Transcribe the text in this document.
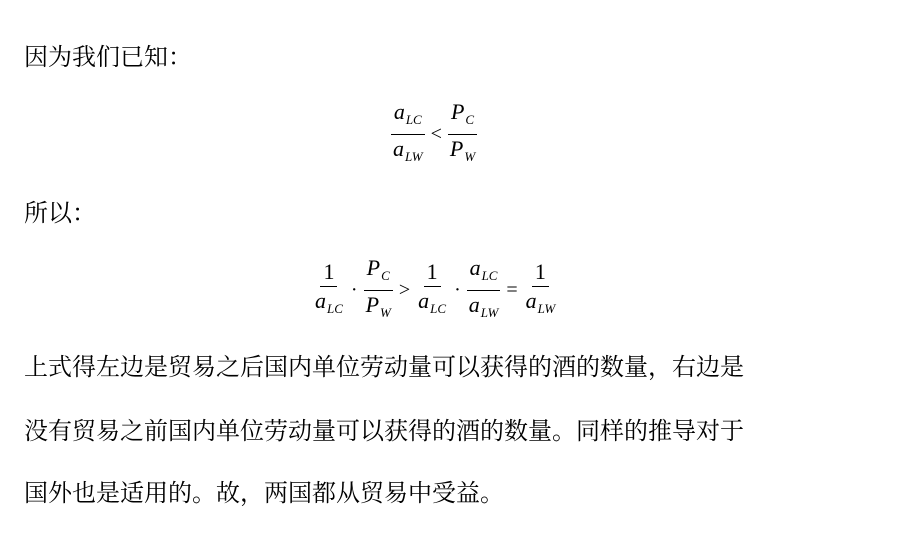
因为我们已知：
$\frac{a_{LC}}{a_{LW}} < \frac{P_C}{P_W}$
所以：
$\frac{1}{a_{LC}} \cdot \frac{P_C}{P_W} > \frac{1}{a_{LC}} \cdot \frac{a_{LC}}{a_{LW}} = \frac{1}{a_{LW}}$
上式得左边是贸易之后国内单位劳动量可以获得的酒的数量，右边是
没有贸易之前国内单位劳动量可以获得的酒的数量。同样的推导对于
国外也是适用的。故，两国都从贸易中受益。
